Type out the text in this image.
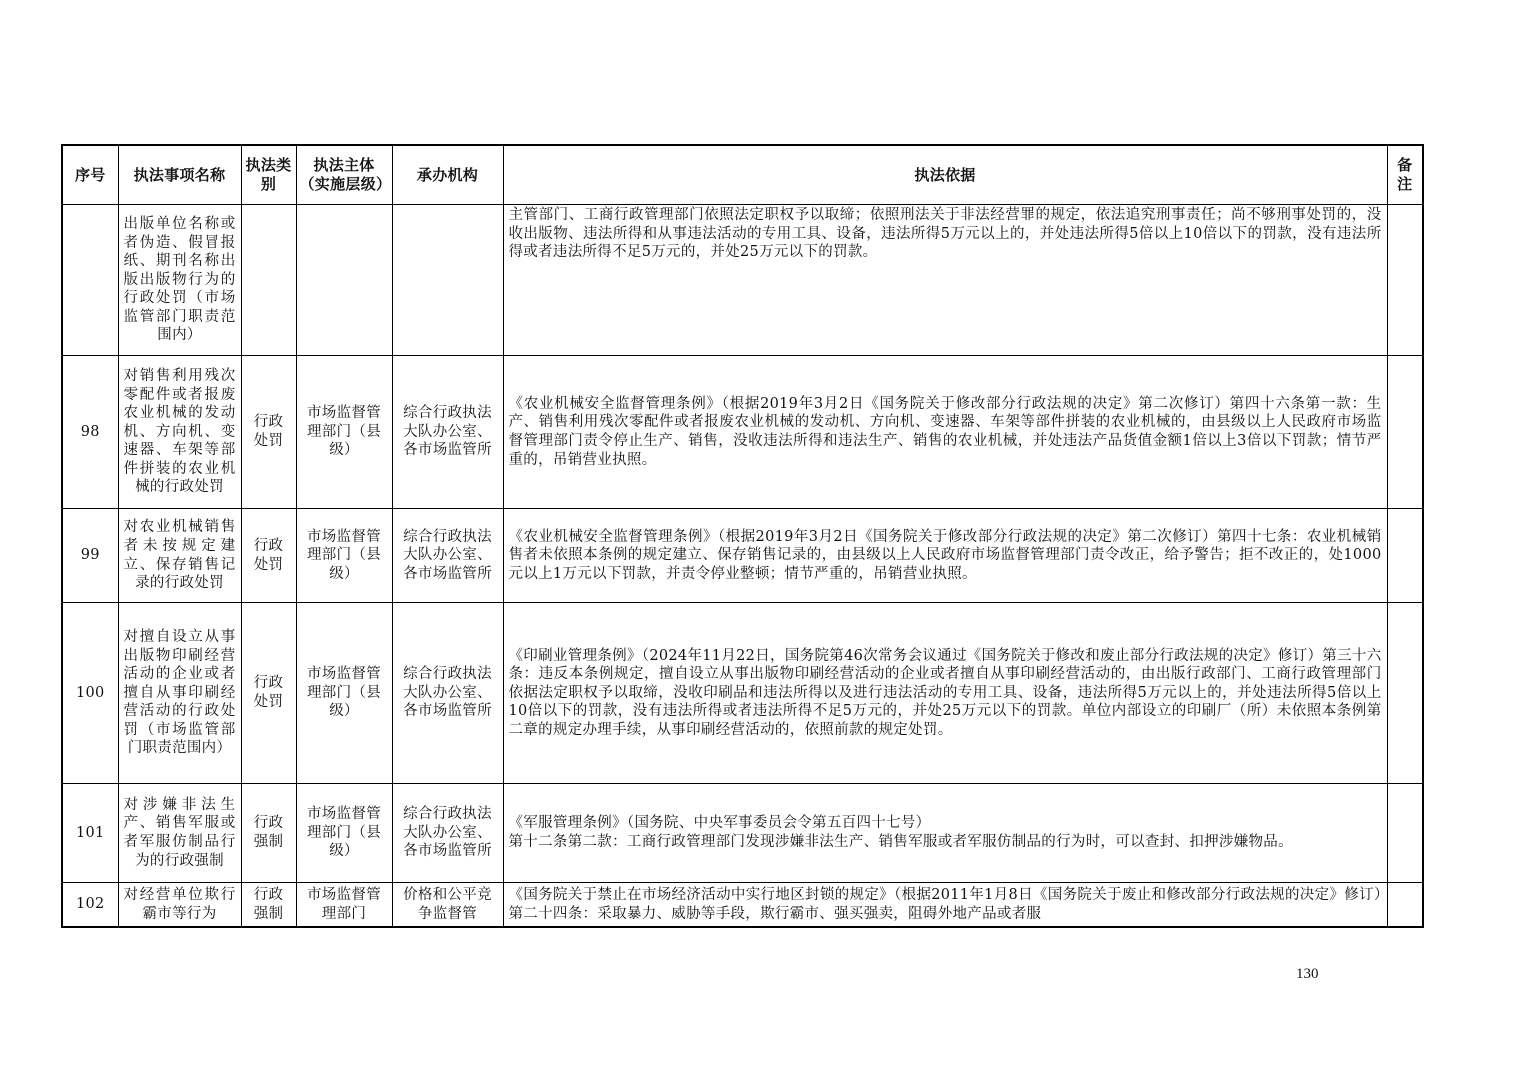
序号	执法事项名称	执法类别	执法主体（实施层级）	承办机构	执法依据	备注
	出版单位名称或者伪造、假冒报纸、期刊名称出版出版物行为的行政处罚（市场监管部门职责范围内）				主管部门、工商行政管理部门依照法定职权予以取缔；依照刑法关于非法经营罪的规定，依法追究刑事责任；尚不够刑事处罚的，没收出版物、违法所得和从事违法活动的专用工具、设备，违法所得5万元以上的，并处违法所得5倍以上10倍以下的罚款，没有违法所得或者违法所得不足5万元的，并处25万元以下的罚款。	
98	对销售利用残次零配件或者报废农业机械的发动机、方向机、变速器、车架等部件拼装的农业机械的行政处罚	行政处罚	市场监督管理部门（县级）	综合行政执法大队办公室、各市场监管所	《农业机械安全监督管理条例》（根据2019年3月2日《国务院关于修改部分行政法规的决定》第二次修订）第四十六条第一款：生产、销售利用残次零配件或者报废农业机械的发动机、方向机、变速器、车架等部件拼装的农业机械的，由县级以上人民政府市场监督管理部门责令停止生产、销售，没收违法所得和违法生产、销售的农业机械，并处违法产品货值金额1倍以上3倍以下罚款；情节严重的，吊销营业执照。	
99	对农业机械销售者未按规定建立、保存销售记录的行政处罚	行政处罚	市场监督管理部门（县级）	综合行政执法大队办公室、各市场监管所	《农业机械安全监督管理条例》（根据2019年3月2日《国务院关于修改部分行政法规的决定》第二次修订）第四十七条：农业机械销售者未依照本条例的规定建立、保存销售记录的，由县级以上人民政府市场监督管理部门责令改正，给予警告；拒不改正的，处1000元以上1万元以下罚款，并责令停业整顿；情节严重的，吊销营业执照。	
100	对擅自设立从事出版物印刷经营活动的企业或者擅自从事印刷经营活动的行政处罚（市场监管部门职责范围内）	行政处罚	市场监督管理部门（县级）	综合行政执法大队办公室、各市场监管所	《印刷业管理条例》（2024年11月22日，国务院第46次常务会议通过《国务院关于修改和废止部分行政法规的决定》修订）第三十六条：违反本条例规定，擅自设立从事出版物印刷经营活动的企业或者擅自从事印刷经营活动的，由出版行政部门、工商行政管理部门依据法定职权予以取缔，没收印刷品和违法所得以及进行违法活动的专用工具、设备，违法所得5万元以上的，并处违法所得5倍以上10倍以下的罚款，没有违法所得或者违法所得不足5万元的，并处25万元以下的罚款。单位内部设立的印刷厂（所）未依照本条例第二章的规定办理手续，从事印刷经营活动的，依照前款的规定处罚。	
101	对涉嫌非法生产、销售军服或者军服仿制品行为的行政强制	行政强制	市场监督管理部门（县级）	综合行政执法大队办公室、各市场监管所	《军服管理条例》（国务院、中央军事委员会令第五百四十七号）
第十二条第二款：工商行政管理部门发现涉嫌非法生产、销售军服或者军服仿制品的行为时，可以查封、扣押涉嫌物品。	

102	对经营单位欺行霸市等行为	行政强制	市场监督管理部门	价格和公平竞争监督管	《国务院关于禁止在市场经济活动中实行地区封锁的规定》（根据2011年1月8日《国务院关于废止和修改部分行政法规的决定》修订）第二十四条：采取暴力、威胁等手段，欺行霸市、强买强卖，阻碍外地产品或者服	
130
